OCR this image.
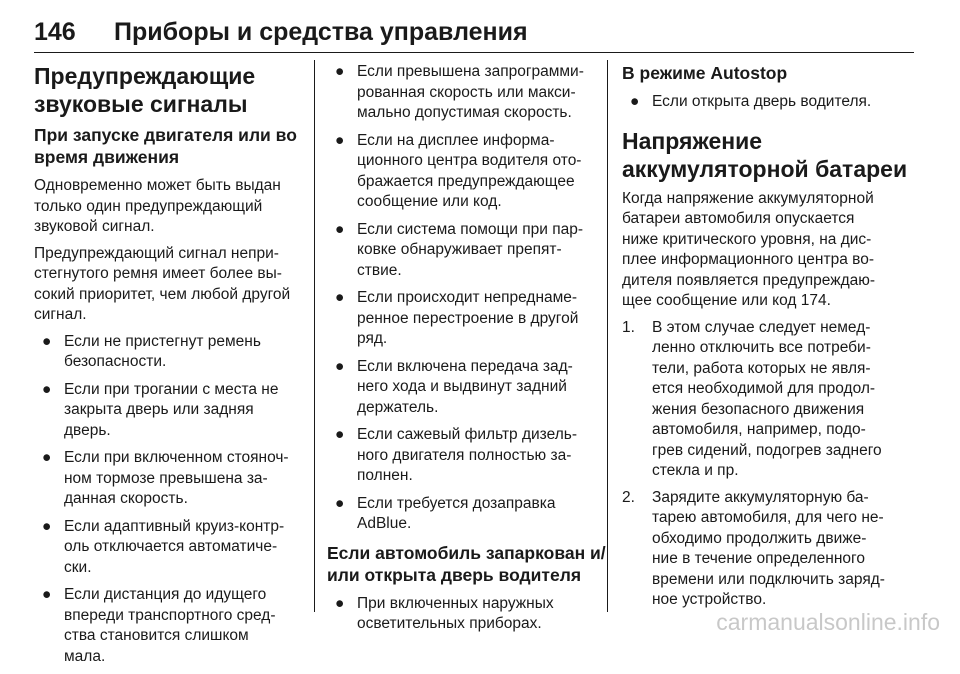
146 Приборы и средства управления
Предупреждающие
звуковые сигналы
При запуске двигателя или во
время движения
Одновременно может быть выдан
только один предупреждающий
звуковой сигнал.
Предупреждающий сигнал непри-
стегнутого ремня имеет более вы-
сокий приоритет, чем любой другой
сигнал.
● Если не пристегнут ремень
безопасности.
● Если при трогании с места не
закрыта дверь или задняя
дверь.
● Если при включенном стояноч-
ном тормозе превышена за-
данная скорость.
● Если адаптивный круиз-контр-
оль отключается автоматиче-
ски.
● Если дистанция до идущего
впереди транспортного сред-
ства становится слишком
мала.
● Если превышена запрограмми-
рованная скорость или макси-
мально допустимая скорость.
● Если на дисплее информа-
ционного центра водителя ото-
бражается предупреждающее
сообщение или код.
● Если система помощи при пар-
ковке обнаруживает препят-
ствие.
● Если происходит непреднаме-
ренное перестроение в другой
ряд.
● Если включена передача зад-
него хода и выдвинут задний
держатель.
● Если сажевый фильтр дизель-
ного двигателя полностью за-
полнен.
● Если требуется дозаправка
AdBlue.
Если автомобиль запаркован и/
или открыта дверь водителя
● При включенных наружных
осветительных приборах.
В режиме Autostop
● Если открыта дверь водителя.
Напряжение
аккумуляторной батареи
Когда напряжение аккумуляторной
батареи автомобиля опускается
ниже критического уровня, на дис-
плее информационного центра во-
дителя появляется предупреждаю-
щее сообщение или код 174.
1. В этом случае следует немед-
ленно отключить все потреби-
тели, работа которых не явля-
ется необходимой для продол-
жения безопасного движения
автомобиля, например, подо-
грев сидений, подогрев заднего
стекла и пр.
2. Зарядите аккумуляторную ба-
тарею автомобиля, для чего не-
обходимо продолжить движе-
ние в течение определенного
времени или подключить заряд-
ное устройство.
carmanualsonline.info
